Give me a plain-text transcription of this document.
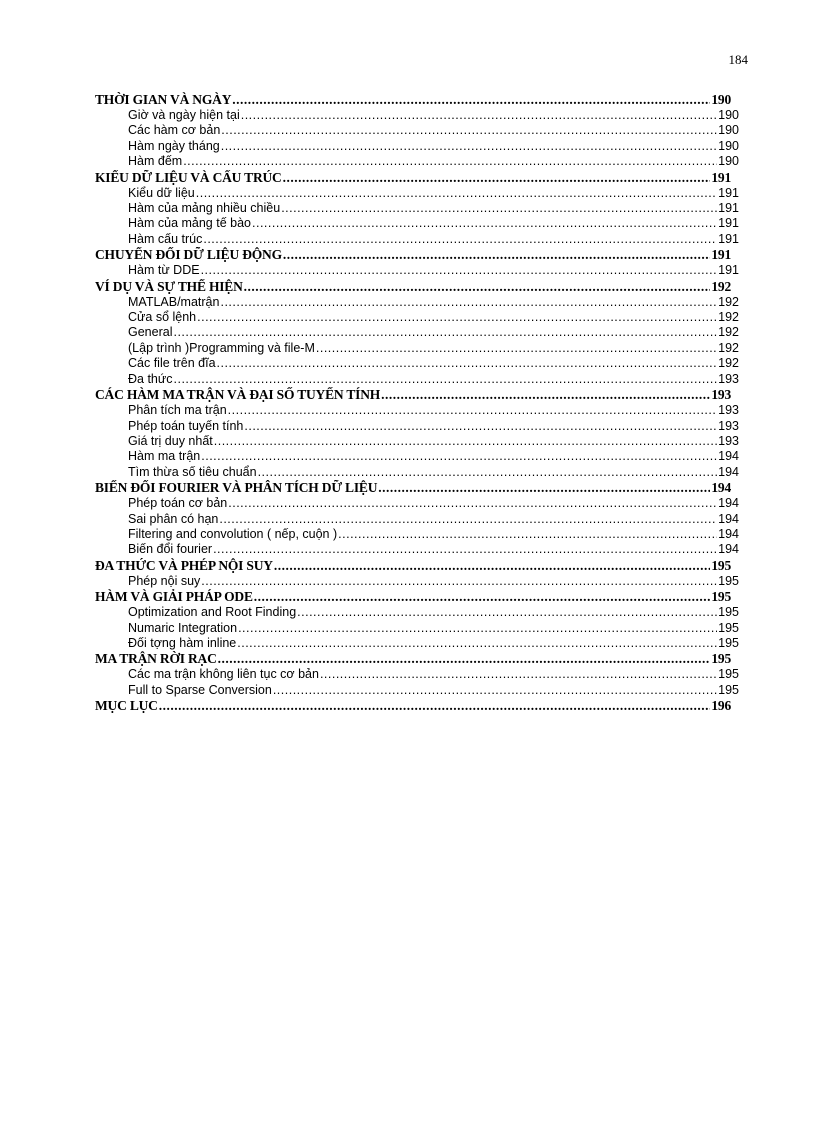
184
THỜI GIAN VÀ NGÀY .....	190
Giờ và ngày hiện tại .....	190
Các hàm cơ bản .....	190
Hàm ngày tháng .....	190
Hàm đếm .....	190
KIỂU DỮ LIỆU VÀ CẤU TRÚC .....	191
Kiểu dữ liệu .....	191
Hàm của mảng nhiều chiều .....	191
Hàm của mảng tế bào .....	191
Hàm cấu trúc .....	191
CHUYỂN ĐỔI DỮ LIỆU ĐỘNG .....	191
Hàm từ DDE .....	191
VÍ DỤ VÀ SỰ THỂ HIỆN .....	192
MATLAB/matrận .....	192
Cửa sổ lệnh .....	192
General .....	192
(Lập trình )Programming và file-M .....	192
Các file trên đĩa .....	192
Đa thức .....	193
CÁC HÀM MA TRẬN VÀ ĐẠI SỐ TUYẾN TÍNH .....	193
Phân tích ma trận .....	193
Phép toán tuyến tính .....	193
Giá trị duy nhất .....	193
Hàm ma trận .....	194
Tìm thừa số tiêu chuẩn .....	194
BIẾN ĐỔI FOURIER VÀ PHÂN TÍCH DỮ LIỆU .....	194
Phép toán cơ bản .....	194
Sai phân có hạn .....	194
Filtering and convolution ( nếp, cuộn ) .....	194
Biến đổi fourier .....	194
ĐA THỨC VÀ PHÉP NỘI SUY .....	195
Phép nội suy .....	195
HÀM VÀ GIẢI PHÁP ODE .....	195
Optimization and Root Finding .....	195
Numaric Integration .....	195
Đối tợng hàm inline .....	195
MA TRẬN RỜI RẠC .....	195
Các ma trận không liên tục cơ bản .....	195
Full to Sparse Conversion .....	195
MỤC LỤC .....	196
